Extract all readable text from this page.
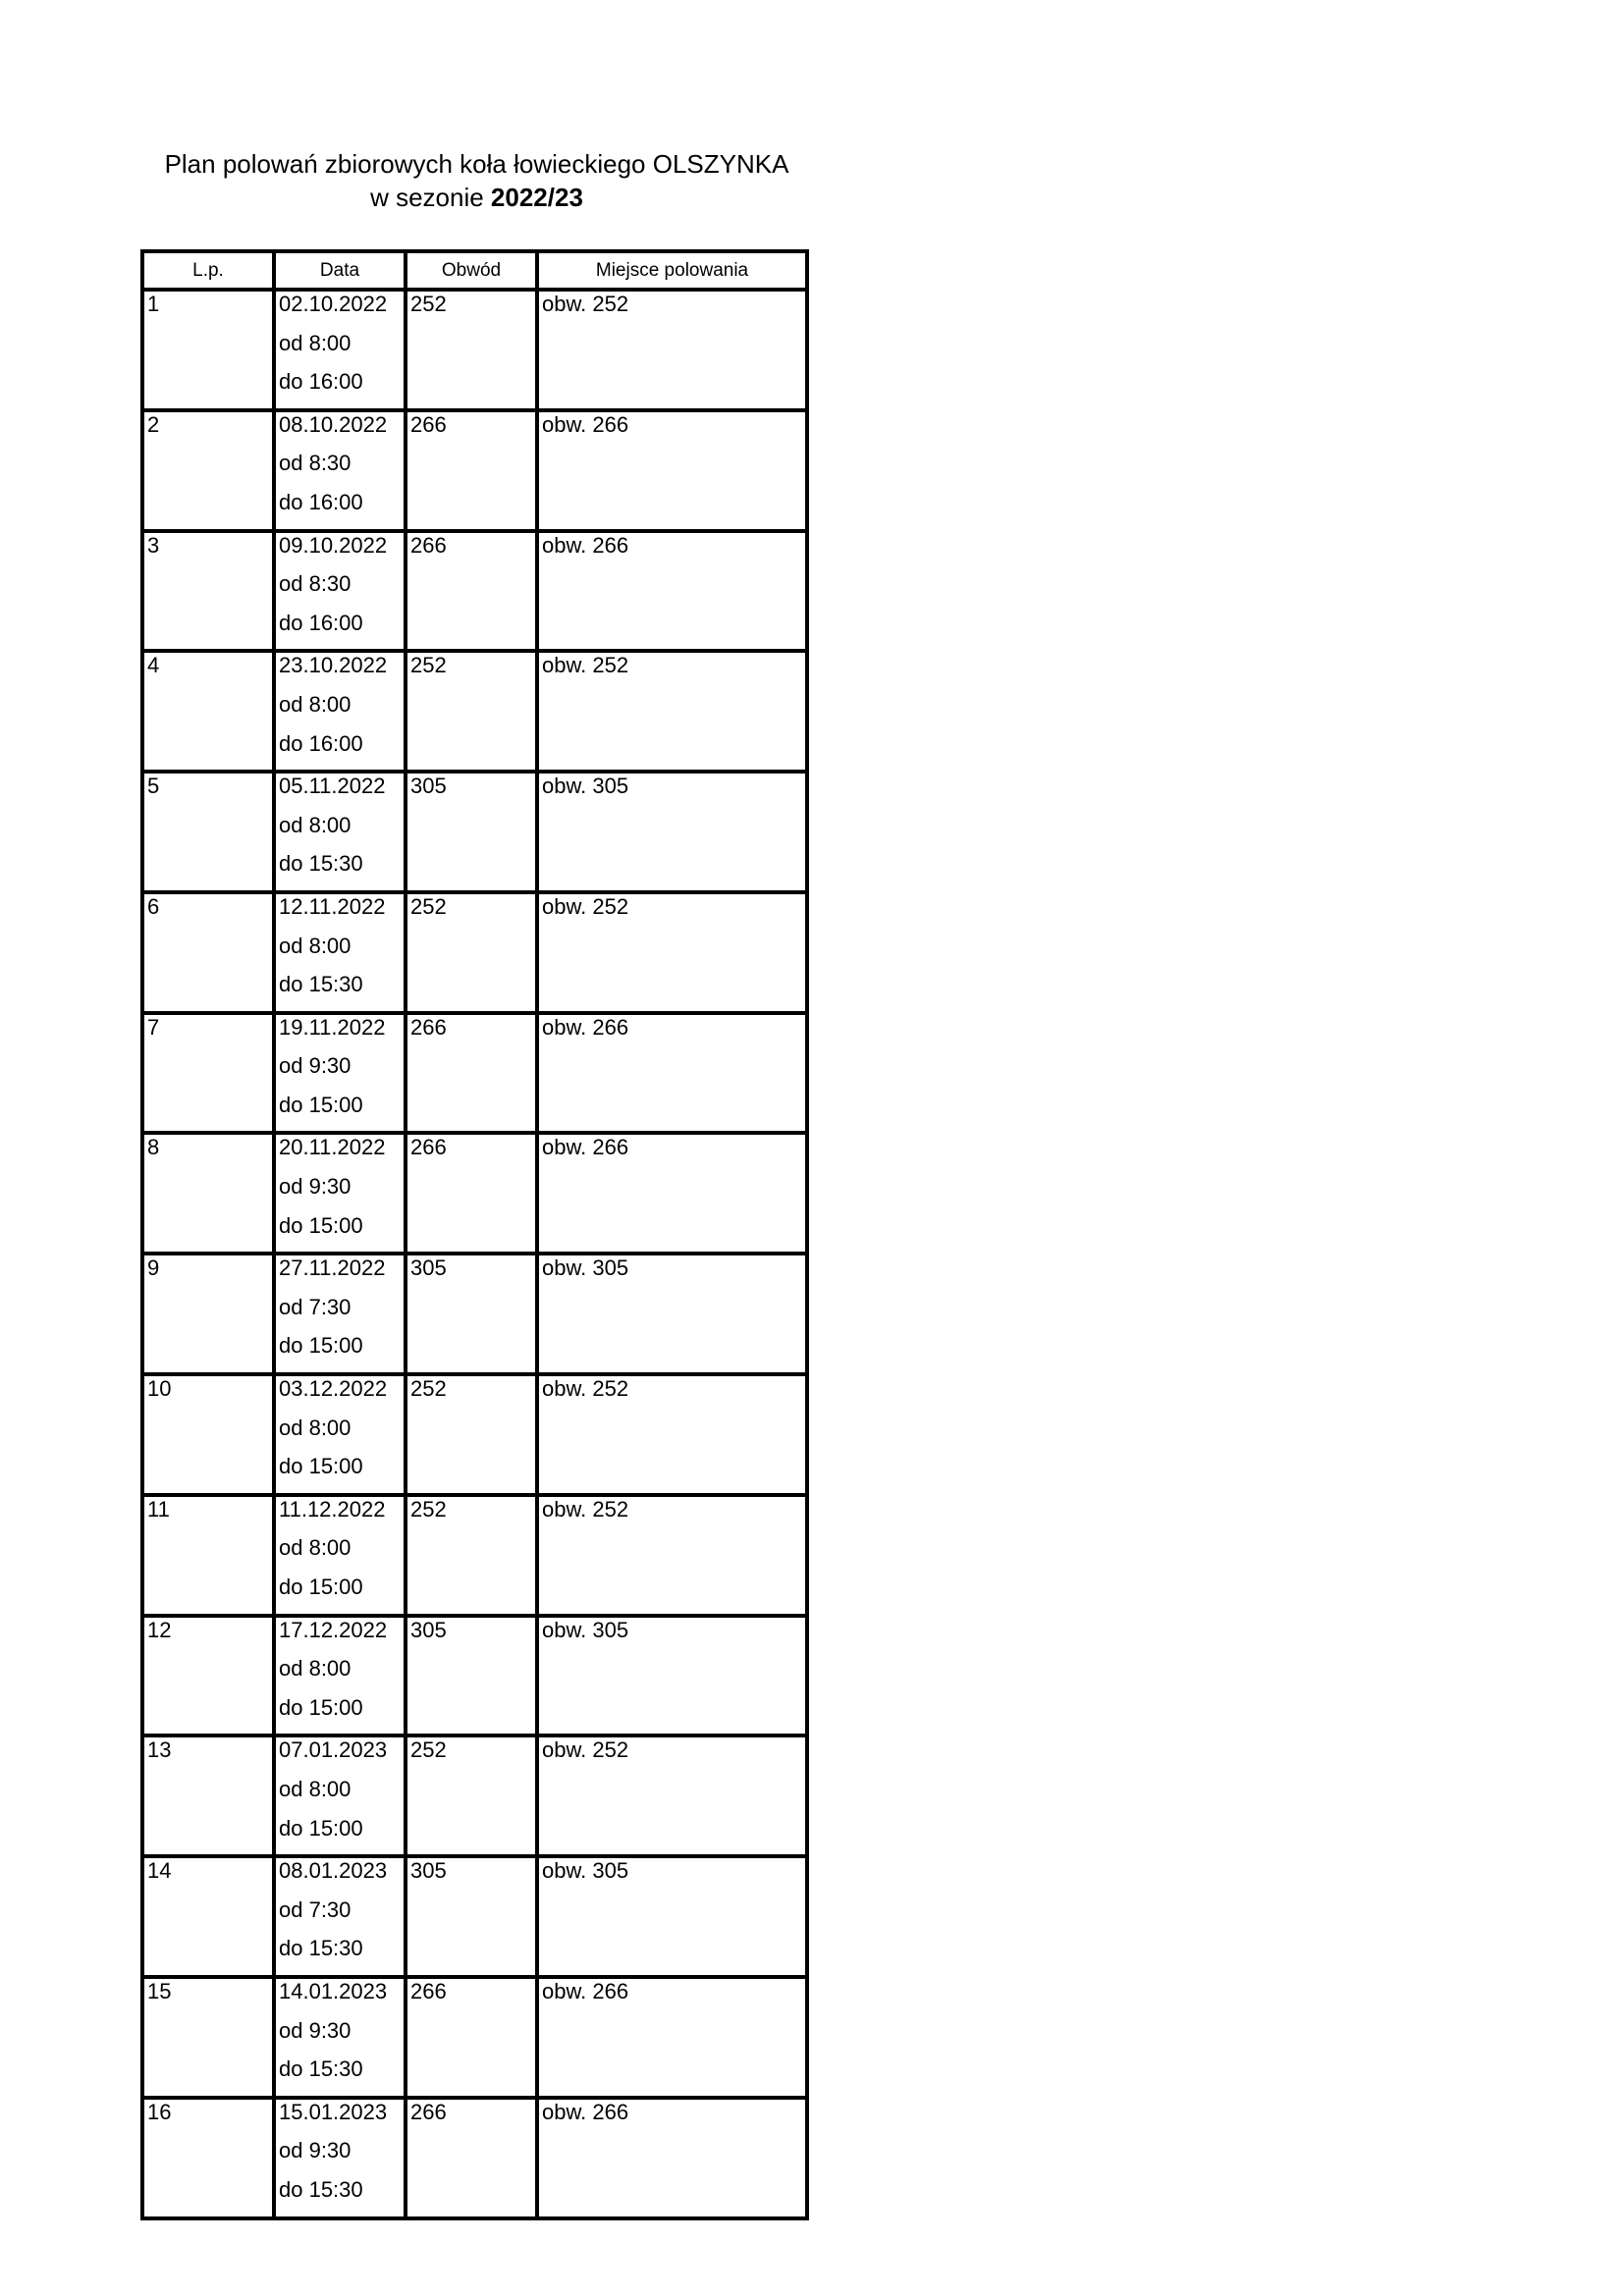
Plan polowań zbiorowych koła łowieckiego OLSZYNKA
w sezonie 2022/23
L.p.	Data	Obwód	Miejsce polowania

1	02.10.2022
od 8:00
do 16:00	252	obw. 252

2	08.10.2022
od 8:30
do 16:00	266	obw. 266

3	09.10.2022
od 8:30
do 16:00	266	obw. 266

4	23.10.2022
od 8:00
do 16:00	252	obw. 252

5	05.11.2022
od 8:00
do 15:30	305	obw. 305

6	12.11.2022
od 8:00
do 15:30	252	obw. 252

7	19.11.2022
od 9:30
do 15:00	266	obw. 266

8	20.11.2022
od 9:30
do 15:00	266	obw. 266

9	27.11.2022
od 7:30
do 15:00	305	obw. 305

10	03.12.2022
od 8:00
do 15:00	252	obw. 252

11	11.12.2022
od 8:00
do 15:00	252	obw. 252

12	17.12.2022
od 8:00
do 15:00	305	obw. 305

13	07.01.2023
od 8:00
do 15:00	252	obw. 252

14	08.01.2023
od 7:30
do 15:30	305	obw. 305

15	14.01.2023
od 9:30
do 15:30	266	obw. 266

16	15.01.2023
od 9:30
do 15:30	266	obw. 266
